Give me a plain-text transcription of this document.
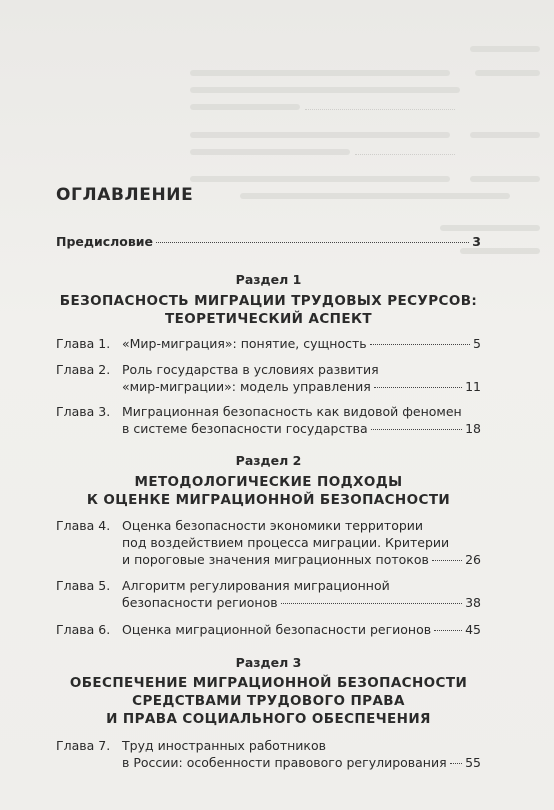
ОГЛАВЛЕНИЕ
Предисловие	3
Раздел 1
БЕЗОПАСНОСТЬ МИГРАЦИИ ТРУДОВЫХ РЕСУРСОВ:
ТЕОРЕТИЧЕСКИЙ АСПЕКТ
Глава 1. «Мир-миграция»: понятие, сущность	5
Глава 2. Роль государства в условиях развития
«мир-миграции»: модель управления	11
Глава 3. Миграционная безопасность как видовой феномен
в системе безопасности государства	18
Раздел 2
МЕТОДОЛОГИЧЕСКИЕ ПОДХОДЫ
К ОЦЕНКЕ МИГРАЦИОННОЙ БЕЗОПАСНОСТИ
Глава 4. Оценка безопасности экономики территории
под воздействием процесса миграции. Критерии
и пороговые значения миграционных потоков	26
Глава 5. Алгоритм регулирования миграционной
безопасности регионов	38
Глава 6. Оценка миграционной безопасности регионов	45
Раздел 3
ОБЕСПЕЧЕНИЕ МИГРАЦИОННОЙ БЕЗОПАСНОСТИ
СРЕДСТВАМИ ТРУДОВОГО ПРАВА
И ПРАВА СОЦИАЛЬНОГО ОБЕСПЕЧЕНИЯ
Глава 7. Труд иностранных работников
в России: особенности правового регулирования 55
